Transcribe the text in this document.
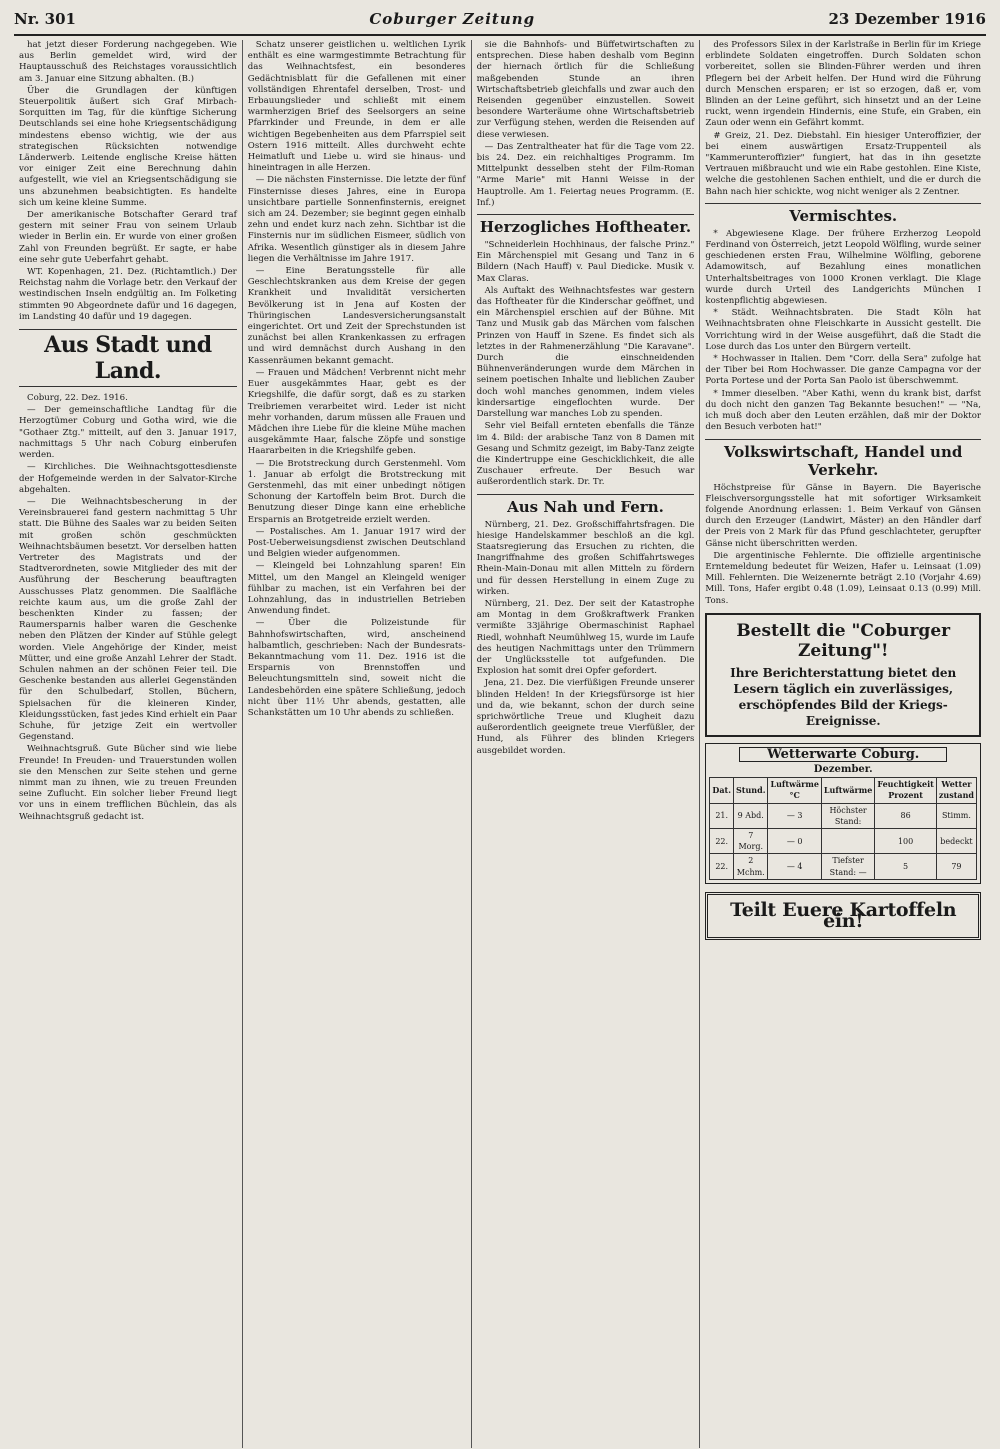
Nr. 301	Coburger Zeitung	23 Dezember 1916

hat jetzt dieser Forderung nachgegeben. Wie aus Berlin gemeldet wird, wird der Hauptausschuß des Reichstages voraussichtlich am 3. Januar eine Sitzung abhalten. (B.)

Über die Grundlagen der künftigen Steuerpolitik äußert sich Graf Mirbach-Sorquitten im Tag, für die künftige Sicherung Deutschlands sei eine hohe Kriegsentschädigung mindestens ebenso wichtig, wie der aus strategischen Rücksichten notwendige Länderwerb. Leitende englische Kreise hätten vor einiger Zeit eine Berechnung dahin aufgestellt, wie viel an Kriegsentschädigung sie uns abzunehmen beabsichtigten. Es handelte sich um keine kleine Summe.

Der amerikanische Botschafter Gerard traf gestern mit seiner Frau von seinem Urlaub wieder in Berlin ein. Er wurde von einer großen Zahl von Freunden begrüßt. Er sagte, er habe eine sehr gute Ueberfahrt gehabt.

WT. Kopenhagen, 21. Dez. (Richtamtlich.) Der Reichstag nahm die Vorlage betr. den Verkauf der westindischen Inseln endgültig an. Im Folketing stimmten 90 Abgeordnete dafür und 16 dagegen, im Landsting 40 dafür und 19 dagegen.

Aus Stadt und Land.

Coburg, 22. Dez. 1916.

— Der gemeinschaftliche Landtag für die Herzogtümer Coburg und Gotha wird, wie die "Gothaer Ztg." mitteilt, auf den 3. Januar 1917, nachmittags 5 Uhr nach Coburg einberufen werden.

— Kirchliches. Die Weihnachtsgottesdienste der Hofgemeinde werden in der Salvator-Kirche abgehalten.

— Die Weihnachtsbescherung in der Vereinsbrauerei fand gestern nachmittag 5 Uhr statt. Die Bühne des Saales war zu beiden Seiten mit großen schön geschmückten Weihnachtsbäumen besetzt. Vor derselben hatten Vertreter des Magistrats und der Stadtverordneten, sowie Mitglieder des mit der Ausführung der Bescherung beauftragten Ausschusses Platz genommen. Die Saalfläche reichte kaum aus, um die große Zahl der beschenkten Kinder zu fassen; der Raumersparnis halber waren die Geschenke neben den Plätzen der Kinder auf Stühle gelegt worden. Viele Angehörige der Kinder, meist Mütter, und eine große Anzahl Lehrer der Stadt. Schulen nahmen an der schönen Feier teil. Die Geschenke bestanden aus allerlei Gegenständen für den Schulbedarf, Stollen, Büchern, Spielsachen für die kleineren Kinder, Kleidungsstücken, fast jedes Kind erhielt ein Paar Schuhe, für jetzige Zeit ein wertvoller Gegenstand.

Weihnachtsgruß. Gute Bücher sind wie liebe Freunde! In Freuden- und Trauerstunden wollen sie den Menschen zur Seite stehen und gerne nimmt man zu ihnen, wie zu treuen Freunden seine Zuflucht. Ein solcher lieber Freund liegt vor uns in einem trefflichen Büchlein, das als Weihnachtsgruß gedacht ist.

Schatz unserer geistlichen u. weltlichen Lyrik enthält es eine warmgestimmte Betrachtung für das Weihnachtsfest, ein besonderes Gedächtnisblatt für die Gefallenen mit einer vollständigen Ehrentafel derselben, Trost- und Erbauungslieder und schließt mit einem warmherzigen Brief des Seelsorgers an seine Pfarrkinder und Freunde, in dem er alle wichtigen Begebenheiten aus dem Pfarrspiel seit Ostern 1916 mitteilt. Alles durchweht echte Heimatluft und Liebe u. wird sie hinaus- und hineintragen in alle Herzen.

— Die nächsten Finsternisse. Die letzte der fünf Finsternisse dieses Jahres, eine in Europa unsichtbare partielle Sonnenfinsternis, ereignet sich am 24. Dezember; sie beginnt gegen einhalb zehn und endet kurz nach zehn. Sichtbar ist die Finsternis nur im südlichen Eismeer, südlich von Afrika. Wesentlich günstiger als in diesem Jahre liegen die Verhältnisse im Jahre 1917.

— Eine Beratungsstelle für alle Geschlechtskranken aus dem Kreise der gegen Krankheit und Invalidität versicherten Bevölkerung ist in Jena auf Kosten der Thüringischen Landesversicherungsanstalt eingerichtet. Ort und Zeit der Sprechstunden ist zunächst bei allen Krankenkassen zu erfragen und wird demnächst durch Aushang in den Kassenräumen bekannt gemacht.

— Frauen und Mädchen! Verbrennt nicht mehr Euer ausgekämmtes Haar, gebt es der Kriegshilfe, die dafür sorgt, daß es zu starken Treibriemen verarbeitet wird. Leder ist nicht mehr vorhanden, darum müssen alle Frauen und Mädchen ihre Liebe für die kleine Mühe machen ausgekämmte Haar, falsche Zöpfe und sonstige Haararbeiten in die Kriegshilfe geben.

— Die Brotstreckung durch Gerstenmehl. Vom 1. Januar ab erfolgt die Brotstreckung mit Gerstenmehl, das mit einer unbedingt nötigen Schonung der Kartoffeln beim Brot. Durch die Benutzung dieser Dinge kann eine erhebliche Ersparnis an Brotgetreide erzielt werden.

— Postalisches. Am 1. Januar 1917 wird der Post-Ueberweisungsdienst zwischen Deutschland und Belgien wieder aufgenommen.

— Kleingeld bei Lohnzahlung sparen! Ein Mittel, um den Mangel an Kleingeld weniger fühlbar zu machen, ist ein Verfahren bei der Lohnzahlung, das in industriellen Betrieben Anwendung findet.

— Über die Polizeistunde für Bahnhofswirtschaften, wird, anscheinend halbamtlich, geschrieben: Nach der Bundesrats-Bekanntmachung vom 11. Dez. 1916 ist die Ersparnis von Brennstoffen und Beleuchtungsmitteln sind, soweit nicht die Landesbehörden eine spätere Schließung, jedoch nicht über 11½ Uhr abends, gestatten, alle Schankstätten um 10 Uhr abends zu schließen.

sie die Bahnhofs- und Büffetwirtschaften zu entsprechen. Diese haben deshalb vom Beginn der hiernach örtlich für die Schließung maßgebenden Stunde an ihren Wirtschaftsbetrieb gleichfalls und zwar auch den Reisenden gegenüber einzustellen. Soweit besondere Warteräume ohne Wirtschaftsbetrieb zur Verfügung stehen, werden die Reisenden auf diese verwiesen.

— Das Zentraltheater hat für die Tage vom 22. bis 24. Dez. ein reichhaltiges Programm. Im Mittelpunkt desselben steht der Film-Roman "Arme Marie" mit Hanni Weisse in der Hauptrolle. Am 1. Feiertag neues Programm. (E. Inf.)

Herzogliches Hoftheater.

"Schneiderlein Hochhinaus, der falsche Prinz." Ein Märchenspiel mit Gesang und Tanz in 6 Bildern (Nach Hauff) v. Paul Diedicke. Musik v. Max Claras.

Als Auftakt des Weihnachtsfestes war gestern das Hoftheater für die Kinderschar geöffnet, und ein Märchenspiel erschien auf der Bühne. Mit Tanz und Musik gab das Märchen vom falschen Prinzen von Hauff in Szene. Es findet sich als letztes in der Rahmenerzählung "Die Karavane". Durch die einschneidenden Bühnenveränderungen wurde dem Märchen in seinem poetischen Inhalte und lieblichen Zauber doch wohl manches genommen, indem vieles kindersartige eingeflochten wurde. Der Darstellung war manches Lob zu spenden.

Sehr viel Beifall ernteten ebenfalls die Tänze im 4. Bild: der arabische Tanz von 8 Damen mit Gesang und Schmitz gezeigt, im Baby-Tanz zeigte die Kindertruppe eine Geschicklichkeit, die alle Zuschauer erfreute. Der Besuch war außerordentlich stark. Dr. Tr.

Aus Nah und Fern.

Nürnberg, 21. Dez. Großschiffahrtsfragen. Die hiesige Handelskammer beschloß an die kgl. Staatsregierung das Ersuchen zu richten, die Inangriffnahme des großen Schiffahrtsweges Rhein-Main-Donau mit allen Mitteln zu fördern und für dessen Herstellung in einem Zuge zu wirken.

Nürnberg, 21. Dez. Der seit der Katastrophe am Montag in dem Großkraftwerk Franken vermißte 33jährige Obermaschinist Raphael Riedl, wohnhaft Neumühlweg 15, wurde im Laufe des heutigen Nachmittags unter den Trümmern der Unglücksstelle tot aufgefunden. Die Explosion hat somit drei Opfer gefordert.

Jena, 21. Dez. Die vierfüßigen Freunde unserer blinden Helden! In der Kriegsfürsorge ist hier und da, wie bekannt, schon der durch seine sprichwörtliche Treue und Klugheit dazu außerordentlich geeignete treue Vierfüßler, der Hund, als Führer des blinden Kriegers ausgebildet worden.

des Professors Silex in der Karlstraße in Berlin für im Kriege erblindete Soldaten eingetroffen. Durch Soldaten schon vorbereitet, sollen sie Blinden-Führer werden und ihren Pflegern bei der Arbeit helfen. Der Hund wird die Führung durch Menschen ersparen; er ist so erzogen, daß er, vom Blinden an der Leine geführt, sich hinsetzt und an der Leine ruckt, wenn irgendein Hindernis, eine Stufe, ein Graben, ein Zaun oder wenn ein Gefährt kommt.

# Greiz, 21. Dez. Diebstahl. Ein hiesiger Unteroffizier, der bei einem auswärtigen Ersatz-Truppenteil als "Kammerunteroffizier" fungiert, hat das in ihn gesetzte Vertrauen mißbraucht und wie ein Rabe gestohlen. Eine Kiste, welche die gestohlenen Sachen enthielt, und die er durch die Bahn nach hier schickte, wog nicht weniger als 2 Zentner.

Vermischtes.

* Abgewiesene Klage. Der frühere Erzherzog Leopold Ferdinand von Österreich, jetzt Leopold Wölfling, wurde seiner geschiedenen ersten Frau, Wilhelmine Wölfling, geborene Adamowitsch, auf Bezahlung eines monatlichen Unterhaltsbeitrages von 1000 Kronen verklagt. Die Klage wurde durch Urteil des Landgerichts München I kostenpflichtig abgewiesen.

* Städt. Weihnachtsbraten. Die Stadt Köln hat Weihnachtsbraten ohne Fleischkarte in Aussicht gestellt. Die Vorrichtung wird in der Weise ausgeführt, daß die Stadt die Lose durch das Los unter den Bürgern verteilt.

* Hochwasser in Italien. Dem "Corr. della Sera" zufolge hat der Tiber bei Rom Hochwasser. Die ganze Campagna vor der Porta Portese und der Porta San Paolo ist überschwemmt.

* Immer dieselben. "Aber Kathi, wenn du krank bist, darfst du doch nicht den ganzen Tag Bekannte besuchen!" — "Na, ich muß doch aber den Leuten erzählen, daß mir der Doktor den Besuch verboten hat!"

Volkswirtschaft, Handel und Verkehr.

Höchstpreise für Gänse in Bayern. Die Bayerische Fleischversorgungsstelle hat mit sofortiger Wirksamkeit folgende Anordnung erlassen: 1. Beim Verkauf von Gänsen durch den Erzeuger (Landwirt, Mäster) an den Händler darf der Preis von 2 Mark für das Pfund geschlachteter, gerupfter Gänse nicht überschritten werden.

Die argentinische Fehlernte. Die offizielle argentinische Erntemeldung bedeutet für Weizen, Hafer u. Leinsaat (1.09) Mill. Fehlernten. Die Weizenernte beträgt 2.10 (Vorjahr 4.69) Mill. Tons, Hafer ergibt 0.48 (1.09), Leinsaat 0.13 (0.99) Mill. Tons.

Bestellt die "Coburger Zeitung"!
Ihre Berichterstattung bietet den Lesern täglich ein zuverlässiges, erschöpfendes Bild der Kriegs-Ereignisse.
Wetterwarte Coburg.
Dezember.
Dat.	Stund.	Luftwärme °C	Luftwärme	Feuchtigkeit Prozent	Wetter zustand
21.	9 Abd.	— 3	Höchster Stand:	86	Stimm.
22.	7 Morg.	— 0		100	bedeckt
22.	2 Mchm.	— 4	Tiefster Stand: —	5	79
Teilt Euere Kartoffeln ein!
